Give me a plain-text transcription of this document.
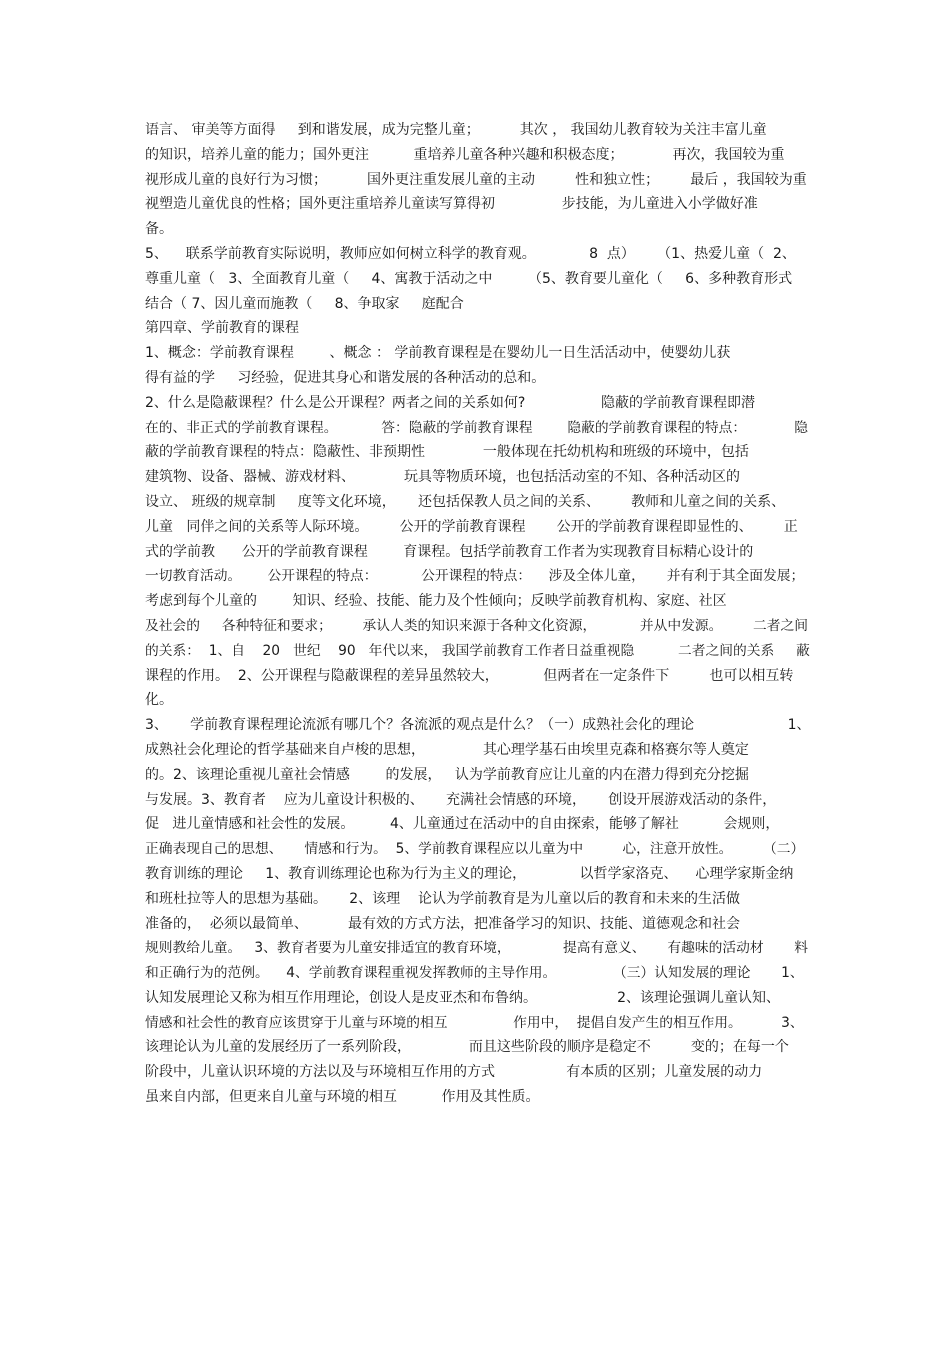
语言、 审美等方面得     到和谐发展，成为完整儿童；         其次 ， 我国幼儿教育较为关注丰富儿童
的知识，培养儿童的能力；国外更注          重培养儿童各种兴趣和积极态度；           再次，我国较为重
视形成儿童的良好行为习惯；         国外更注重发展儿童的主动         性和独立性；       最后 ，我国较为重
视塑造儿童优良的性格；国外更注重培养儿童读写算得初               步技能，为儿童进入小学做好准
备。
5、    联系学前教育实际说明，教师应如何树立科学的教育观。            8  点）     （1、热爱儿童（  2、
尊重儿童（   3、全面教育儿童（     4、寓教于活动之中        （5、教育要儿童化（     6、多种教育形式
结合（ 7、因儿童而施教（     8、争取家     庭配合
第四章、学前教育的课程
1、概念：学前教育课程        、概念 ： 学前教育课程是在婴幼儿一日生活活动中，使婴幼儿获
得有益的学     习经验，促进其身心和谐发展的各种活动的总和。
2、什么是隐蔽课程？什么是公开课程？两者之间的关系如何?                 隐蔽的学前教育课程即潜
在的、非正式的学前教育课程。          答：隐蔽的学前教育课程        隐蔽的学前教育课程的特点：           隐
蔽的学前教育课程的特点：隐蔽性、非预期性             一般体现在托幼机构和班级的环境中，包括
建筑物、设备、器械、游戏材料、           玩具等物质环境，也包括活动室的不知、各种活动区的
设立、 班级的规章制     度等文化环境，     还包括保教人员之间的关系、       教师和儿童之间的关系、
儿童   同伴之间的关系等人际环境。       公开的学前教育课程       公开的学前教育课程即显性的、       正
式的学前教      公开的学前教育课程        育课程。包括学前教育工作者为实现教育目标精心设计的
一切教育活动。      公开课程的特点：          公开课程的特点：    涉及全体儿童，     并有利于其全面发展；
考虑到每个儿童的        知识、经验、技能、能力及个性倾向；反映学前教育机构、家庭、社区
及社会的     各种特征和要求；       承认人类的知识来源于各种文化资源，          并从中发源。       二者之间
的关系：  1、自    20   世纪    90   年代以来， 我国学前教育工作者日益重视隐          二者之间的关系     蔽
课程的作用。  2、公开课程与隐蔽课程的差异虽然较大，          但两者在一定条件下         也可以相互转
化。
3、     学前教育课程理论流派有哪几个？各流派的观点是什么？（一）成熟社会化的理论                     1、
成熟社会化理论的哲学基础来自卢梭的思想，             其心理学基石由埃里克森和格赛尔等人奠定
的。2、该理论重视儿童社会情感        的发展，   认为学前教育应让儿童的内在潜力得到充分挖掘
与发展。3、教育者    应为儿童设计积极的、     充满社会情感的环境，     创设开展游戏活动的条件，
促   进儿童情感和社会性的发展。        4、儿童通过在活动中的自由探索，能够了解社          会规则，
正确表现自己的思想、     情感和行为。  5、学前教育课程应以儿童为中         心，注意开放性。       （二）
教育训练的理论     1、教育训练理论也称为行为主义的理论，            以哲学家洛克、    心理学家斯金纳
和班杜拉等人的思想为基础。     2、该理    论认为学前教育是为儿童以后的教育和未来的生活做
准备的，  必须以最简单、         最有效的方式方法，把准备学习的知识、技能、道德观念和社会
规则教给儿童。   3、教育者要为儿童安排适宜的教育环境，            提高有意义、     有趣味的活动材       料
和正确行为的范例。    4、学前教育课程重视发挥教师的主导作用。             （三）认知发展的理论       1、
认知发展理论又称为相互作用理论，创设人是皮亚杰和布鲁纳。                  2、该理论强调儿童认知、
情感和社会性的教育应该贯穿于儿童与环境的相互               作用中，  提倡自发产生的相互作用。         3、
该理论认为儿童的发展经历了一系列阶段，             而且这些阶段的顺序是稳定不         变的；在每一个
阶段中，儿童认识环境的方法以及与环境相互作用的方式                有本质的区别；儿童发展的动力
虽来自内部，但更来自儿童与环境的相互          作用及其性质。
